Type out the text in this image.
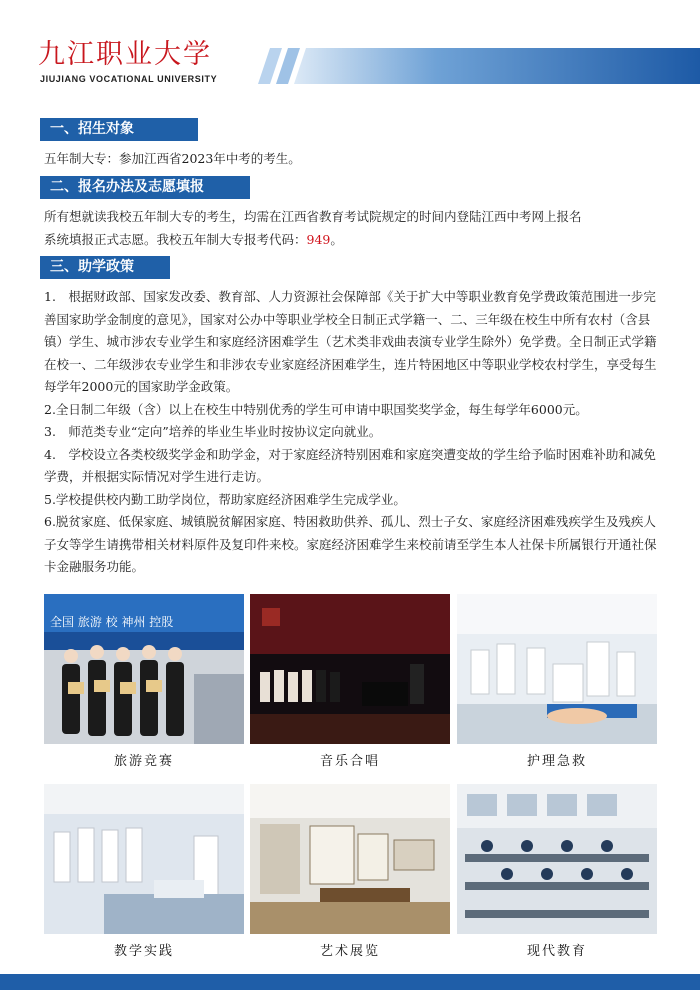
九江职业大学
JIUJIANG VOCATIONAL UNIVERSITY
一、招生对象
五年制大专：参加江西省2023年中考的考生。
二、报名办法及志愿填报
所有想就读我校五年制大专的考生，均需在江西省教育考试院规定的时间内登陆江西中考网上报名
系统填报正式志愿。我校五年制大专报考代码：949。
三、助学政策
1.　根据财政部、国家发改委、教育部、人力资源社会保障部《关于扩大中等职业教育免学费政策范围进一步完善国家助学金制度的意见》，国家对公办中等职业学校全日制正式学籍一、二、三年级在校生中所有农村（含县镇）学生、城市涉农专业学生和家庭经济困难学生（艺术类非戏曲表演专业学生除外）免学费。全日制正式学籍在校一、二年级涉农专业学生和非涉农专业家庭经济困难学生，连片特困地区中等职业学校农村学生，享受每生每学年2000元的国家助学金政策。
2.全日制二年级（含）以上在校生中特别优秀的学生可申请中职国奖奖学金，每生每学年6000元。
3.　师范类专业“定向”培养的毕业生毕业时按协议定向就业。
4.　学校设立各类校级奖学金和助学金，对于家庭经济特别困难和家庭突遭变故的学生给予临时困难补助和减免学费，并根据实际情况对学生进行走访。
5.学校提供校内勤工助学岗位，帮助家庭经济困难学生完成学业。
6.脱贫家庭、低保家庭、城镇脱贫解困家庭、特困救助供养、孤儿、烈士子女、家庭经济困难残疾学生及残疾人子女等学生请携带相关材料原件及复印件来校。家庭经济困难学生来校前请至学生本人社保卡所属银行开通社保卡金融服务功能。
全国 旅游 校 神州 控股
旅游竞赛	音乐合唱	护理急救
教学实践	艺术展览	现代教育
